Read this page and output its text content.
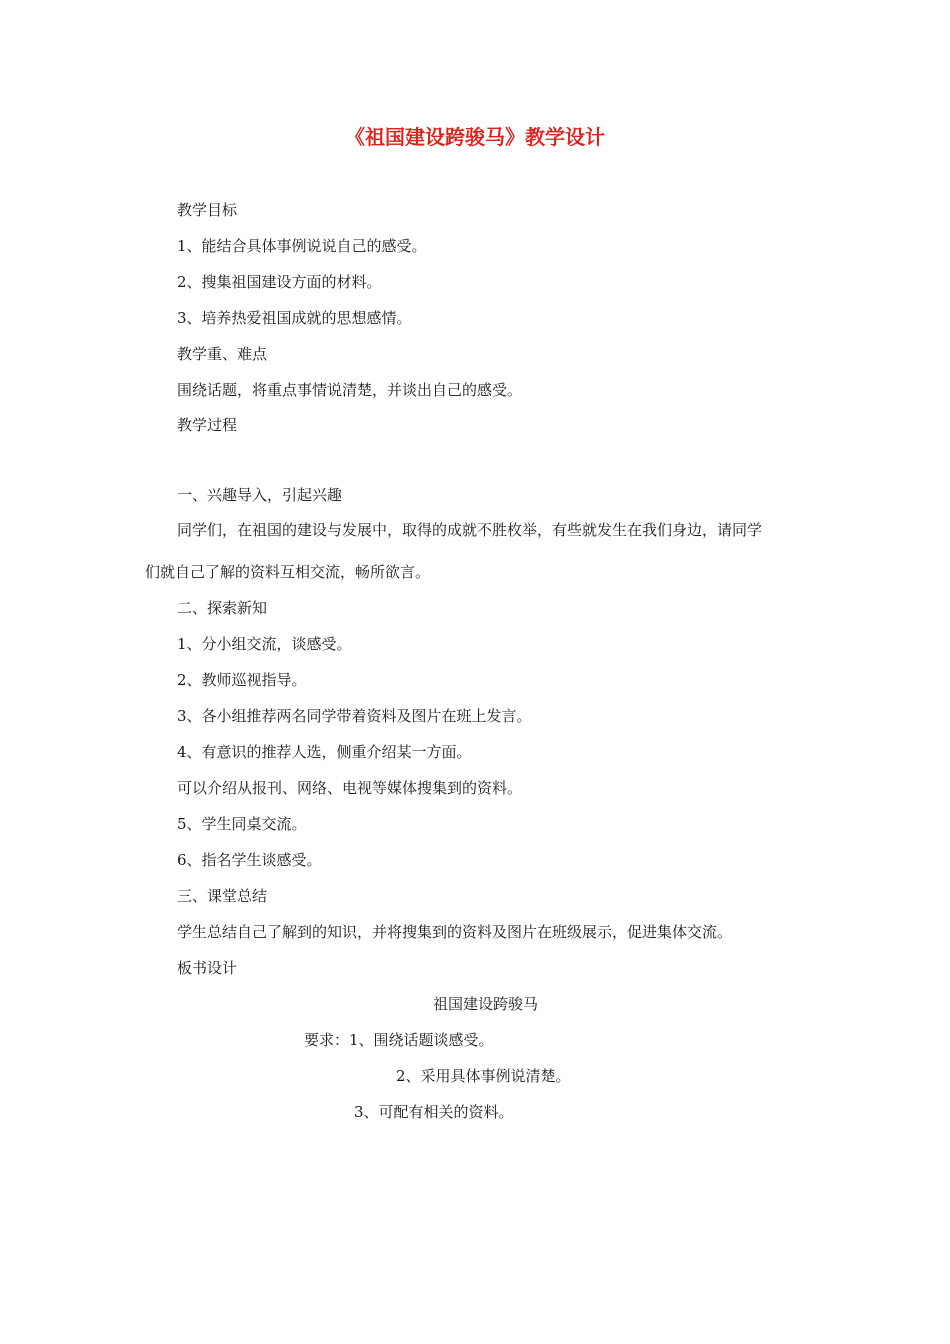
《祖国建设跨骏马》教学设计
教学目标
1、能结合具体事例说说自己的感受。
2、搜集祖国建设方面的材料。
3、培养热爱祖国成就的思想感情。
教学重、难点
围绕话题，将重点事情说清楚，并谈出自己的感受。
教学过程
一、兴趣导入，引起兴趣
同学们，在祖国的建设与发展中，取得的成就不胜枚举，有些就发生在我们身边，请同学
们就自己了解的资料互相交流，畅所欲言。
二、探索新知
1、分小组交流，谈感受。
2、教师巡视指导。
3、各小组推荐两名同学带着资料及图片在班上发言。
4、有意识的推荐人选，侧重介绍某一方面。
可以介绍从报刊、网络、电视等媒体搜集到的资料。
5、学生同桌交流。
6、指名学生谈感受。
三、课堂总结
学生总结自己了解到的知识，并将搜集到的资料及图片在班级展示，促进集体交流。
板书设计
祖国建设跨骏马
要求：1、围绕话题谈感受。
2、采用具体事例说清楚。
3、可配有相关的资料。
